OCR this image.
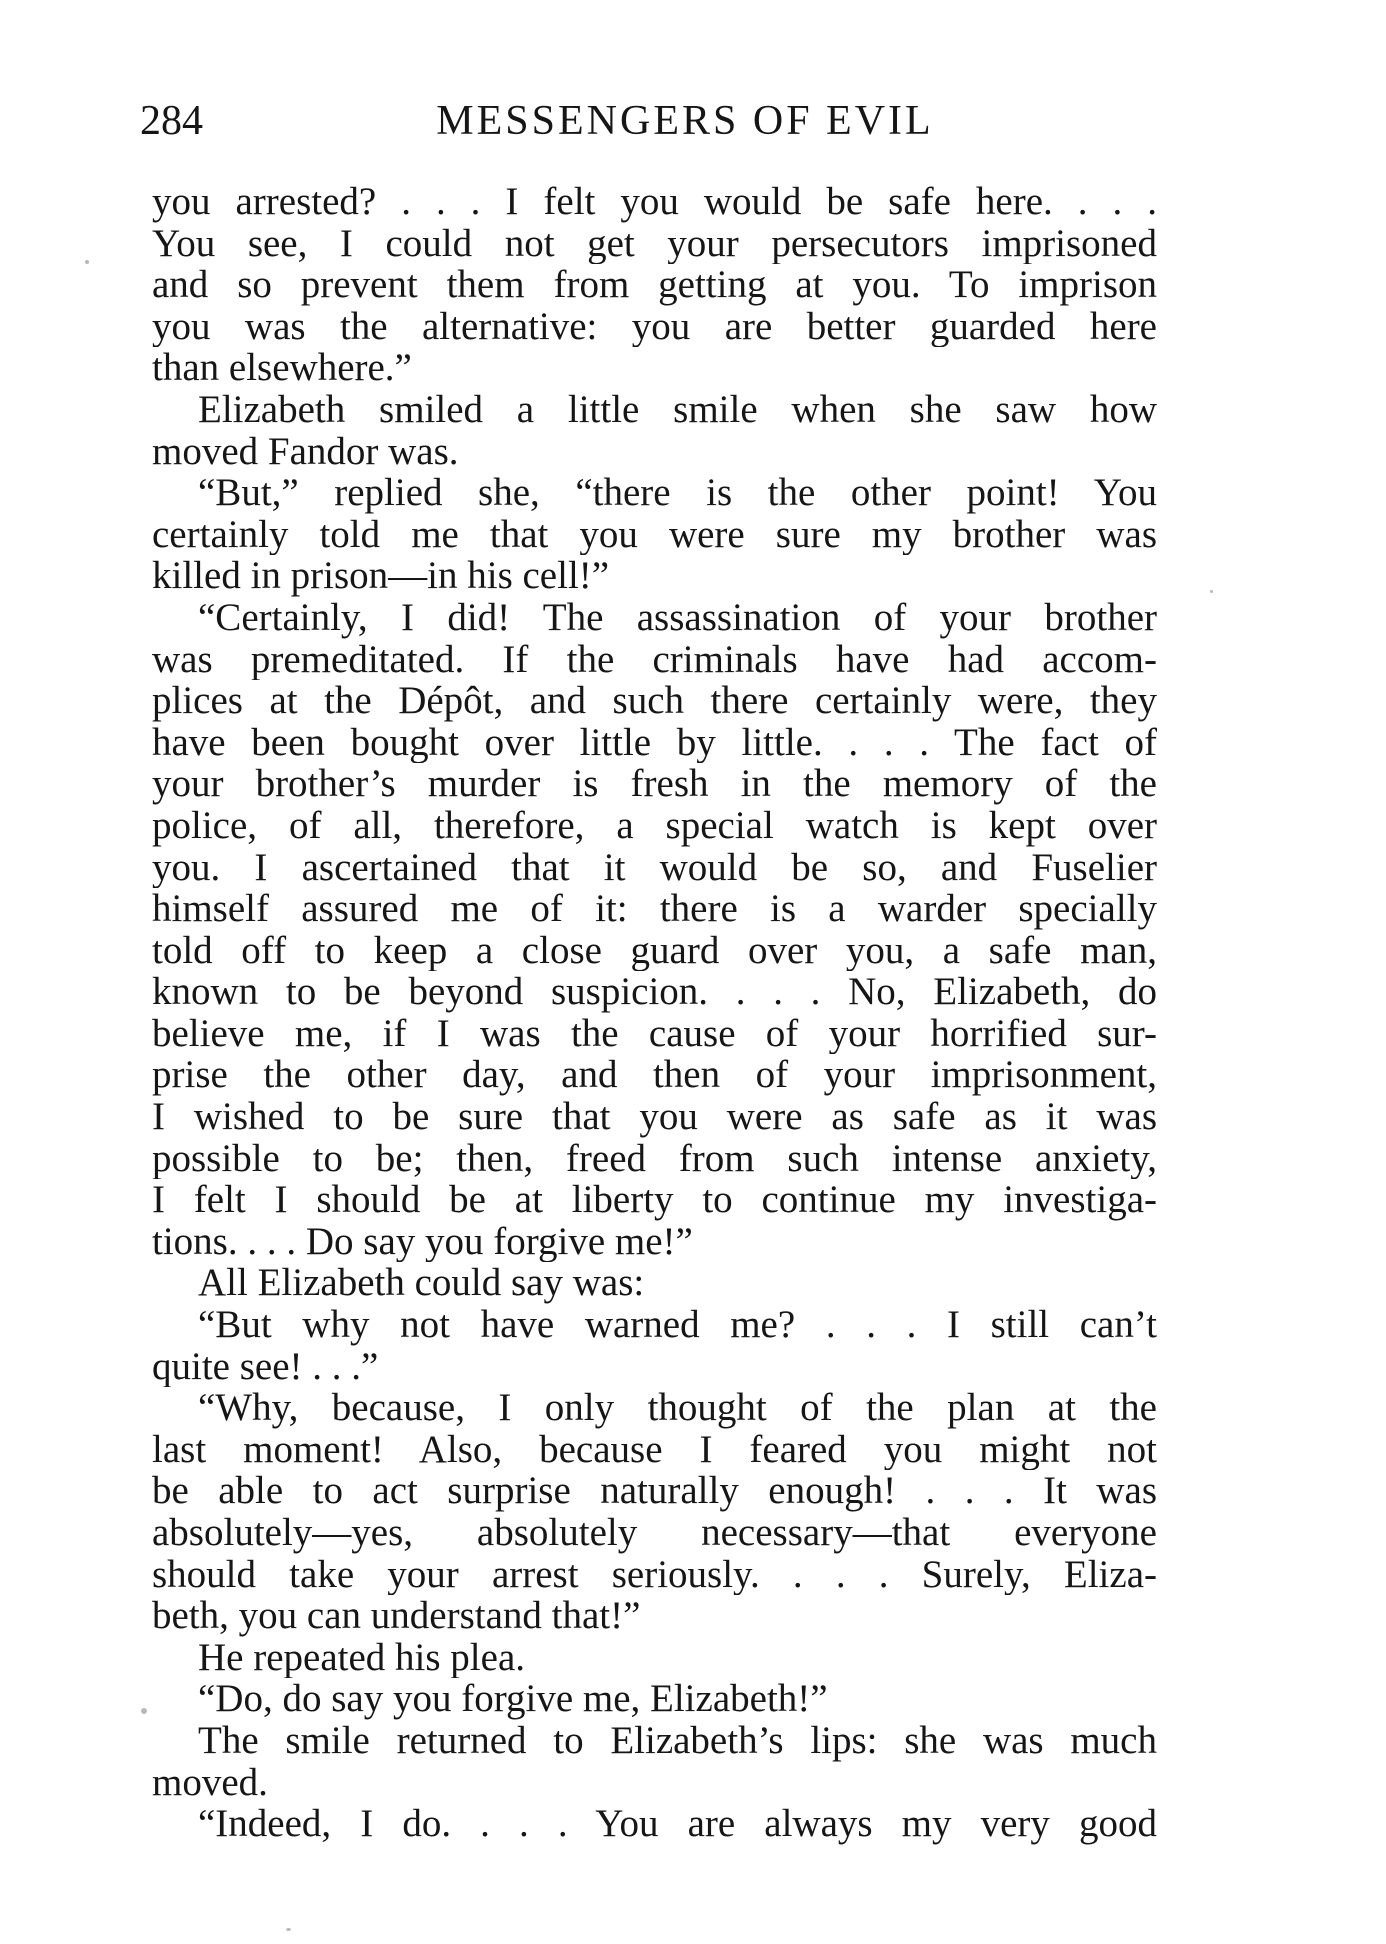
284	MESSENGERS OF EVIL
you arrested? . . . I felt you would be safe here. . . .
You see, I could not get your persecutors imprisoned
and so prevent them from getting at you. To imprison
you was the alternative: you are better guarded here
than elsewhere.”
Elizabeth smiled a little smile when she saw how
moved Fandor was.
“But,” replied she, “there is the other point! You
certainly told me that you were sure my brother was
killed in prison—in his cell!”
“Certainly, I did! The assassination of your brother
was premeditated. If the criminals have had accom-
plices at the Dépôt, and such there certainly were, they
have been bought over little by little. . . . The fact of
your brother’s murder is fresh in the memory of the
police, of all, therefore, a special watch is kept over
you. I ascertained that it would be so, and Fuselier
himself assured me of it: there is a warder specially
told off to keep a close guard over you, a safe man,
known to be beyond suspicion. . . . No, Elizabeth, do
believe me, if I was the cause of your horrified sur-
prise the other day, and then of your imprisonment,
I wished to be sure that you were as safe as it was
possible to be; then, freed from such intense anxiety,
I felt I should be at liberty to continue my investiga-
tions. . . . Do say you forgive me!”
All Elizabeth could say was:
“But why not have warned me? . . . I still can’t
quite see! . . .”
“Why, because, I only thought of the plan at the
last moment! Also, because I feared you might not
be able to act surprise naturally enough! . . . It was
absolutely—yes, absolutely necessary—that everyone
should take your arrest seriously. . . . Surely, Eliza-
beth, you can understand that!”
He repeated his plea.
“Do, do say you forgive me, Elizabeth!”
The smile returned to Elizabeth’s lips: she was much
moved.
“Indeed, I do. . . . You are always my very good
